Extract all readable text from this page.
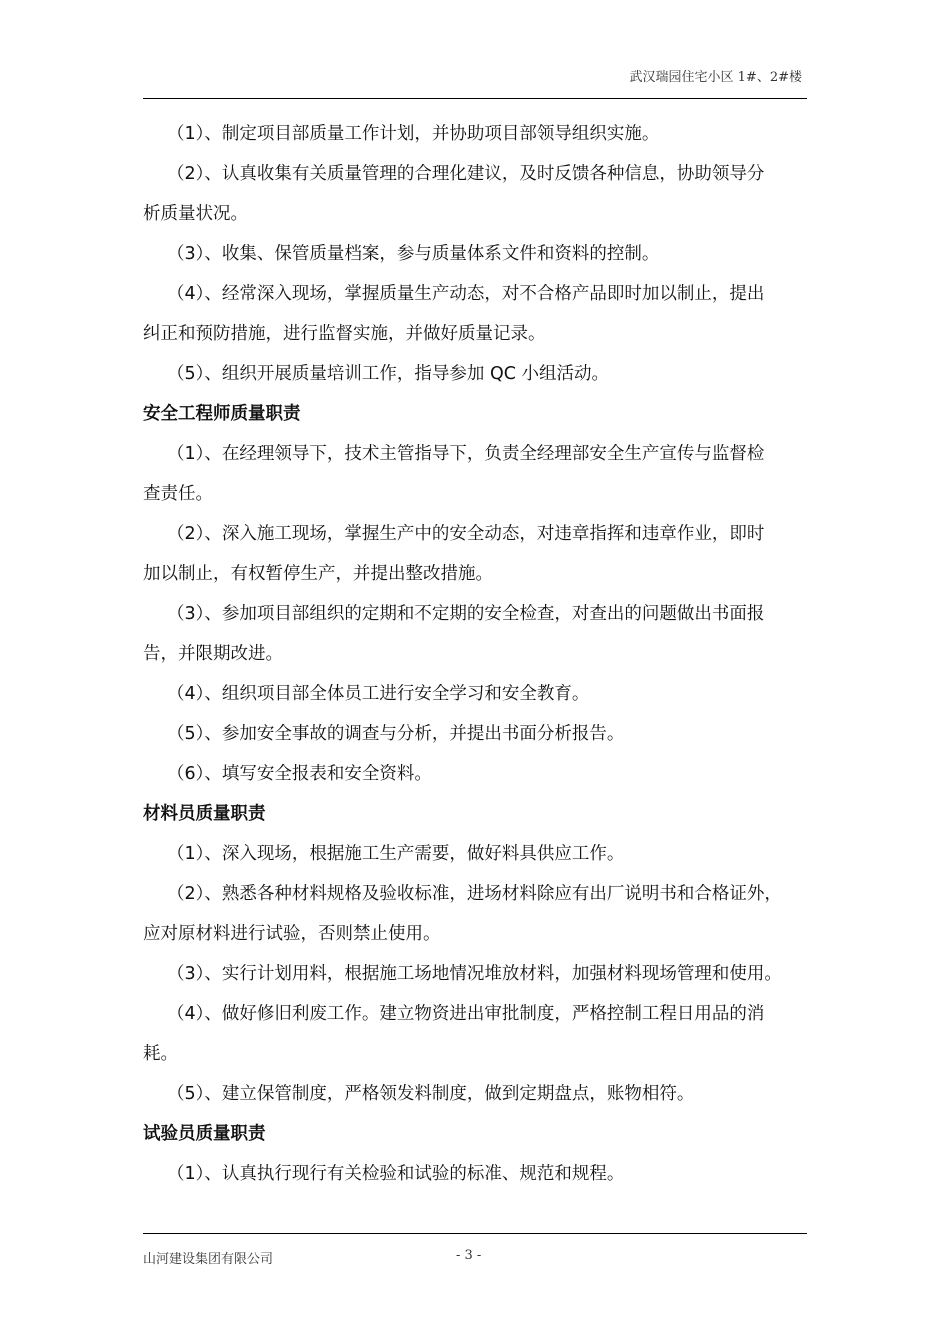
武汉瑞园住宅小区 1#、2#楼

（1）、制定项目部质量工作计划，并协助项目部领导组织实施。

（2）、认真收集有关质量管理的合理化建议，及时反馈各种信息，协助领导分

析质量状况。

（3）、收集、保管质量档案，参与质量体系文件和资料的控制。

（4）、经常深入现场，掌握质量生产动态，对不合格产品即时加以制止，提出

纠正和预防措施，进行监督实施，并做好质量记录。

（5）、组织开展质量培训工作，指导参加 QC 小组活动。

安全工程师质量职责

（1）、在经理领导下，技术主管指导下，负责全经理部安全生产宣传与监督检

查责任。

（2）、深入施工现场，掌握生产中的安全动态，对违章指挥和违章作业，即时

加以制止，有权暂停生产，并提出整改措施。

（3）、参加项目部组织的定期和不定期的安全检查，对查出的问题做出书面报

告，并限期改进。

（4）、组织项目部全体员工进行安全学习和安全教育。

（5）、参加安全事故的调查与分析，并提出书面分析报告。

（6）、填写安全报表和安全资料。

材料员质量职责

（1）、深入现场，根据施工生产需要，做好料具供应工作。

（2）、熟悉各种材料规格及验收标准，进场材料除应有出厂说明书和合格证外，

应对原材料进行试验，否则禁止使用。

（3）、实行计划用料，根据施工场地情况堆放材料，加强材料现场管理和使用。

（4）、做好修旧利废工作。建立物资进出审批制度，严格控制工程日用品的消

耗。

（5）、建立保管制度，严格领发料制度，做到定期盘点，账物相符。

试验员质量职责

（1）、认真执行现行有关检验和试验的标准、规范和规程。

山河建设集团有限公司	- 3 -
